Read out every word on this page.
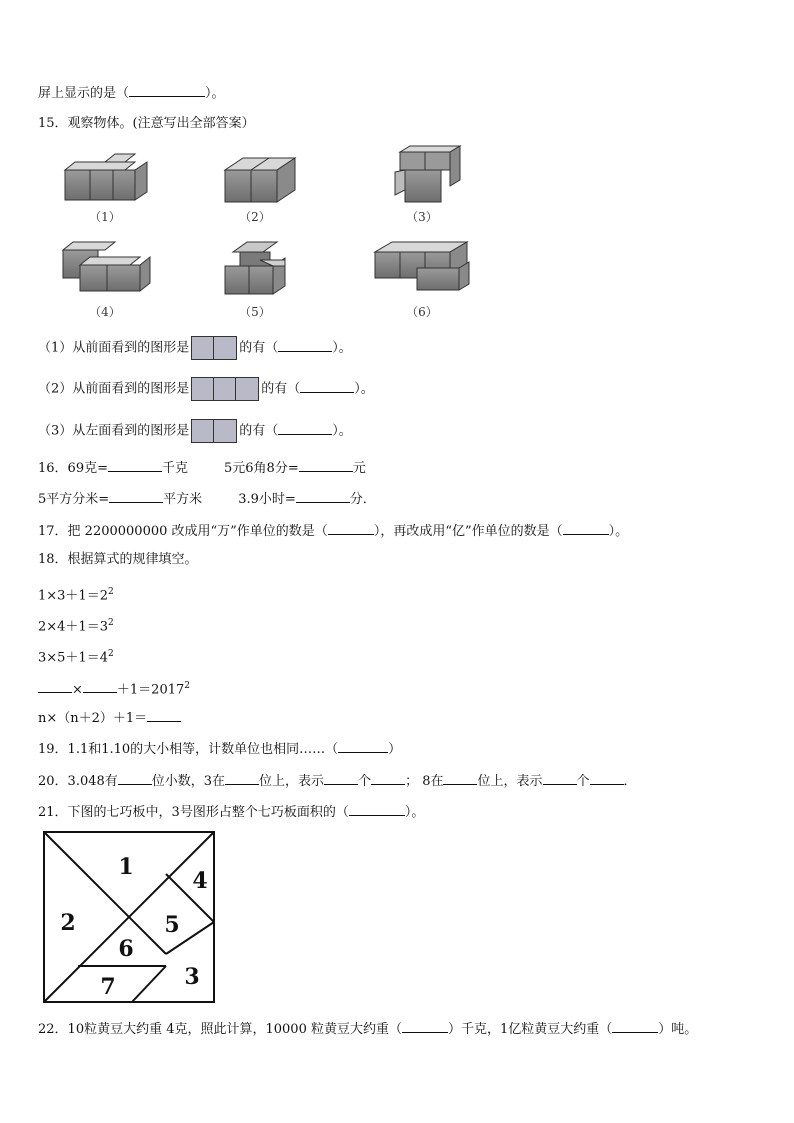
屏上显示的是（	）。
15．观察物体。(注意写出全部答案）
（1）	（2）	（3）
（4）	（5）	（6）
（1）从前面看到的图形是	的有（	）。
（2）从前面看到的图形是	的有（	）。
（3）从左面看到的图形是	的有（	）。
16．69克=	千克	5元6角8分=	元
5平方分米=	平方米	3.9小时=	分．
17．把 2200000000 改成用“万”作单位的数是（	），再改成用“亿”作单位的数是（	）。
18．根据算式的规律填空。
$1\times 3+1=2^2$
$2\times 4+1=3^2$
$3\times 5+1=4^2$
×	$+1=2017^2$
n×（n＋2）＋1＝
19．1.1和1.10的大小相等，计数单位也相同……（	）
20．3.048有	位小数，3在	位上，表示	个	； 8在	位上，表示	个	．
21．下图的七巧板中，3号图形占整个七巧板面积的（	）。
1
2
3
4
5
6
7
22．10粒黄豆大约重 4克，照此计算，10000 粒黄豆大约重（	）千克，1亿粒黄豆大约重（	）吨。
